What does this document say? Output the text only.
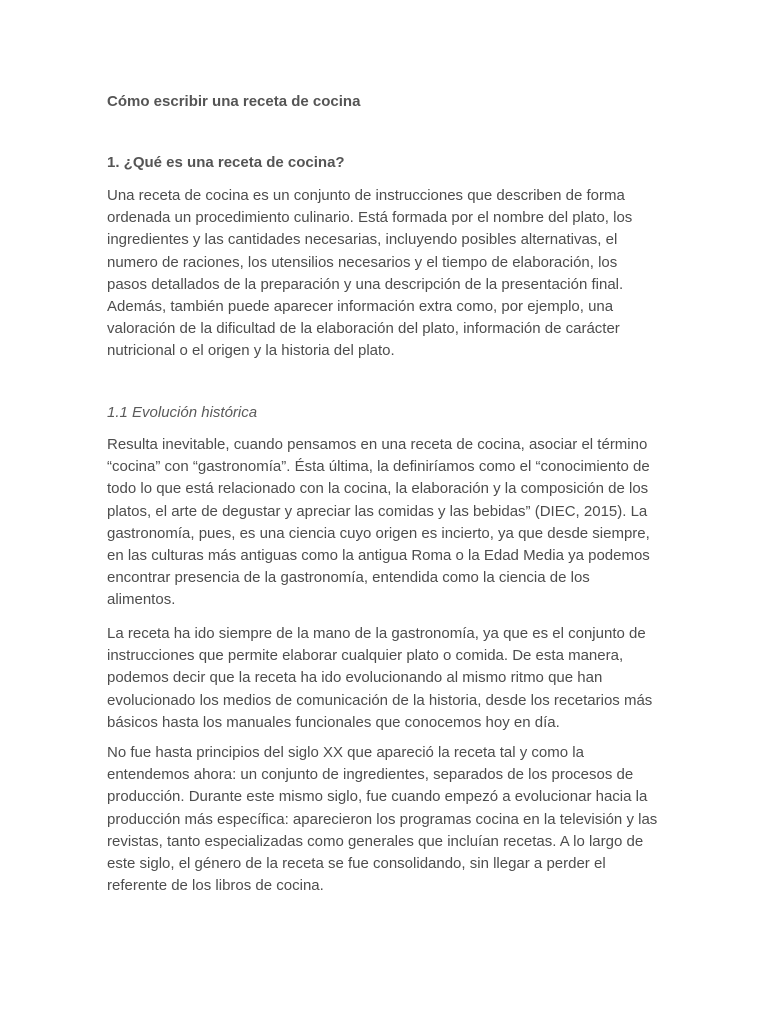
Cómo escribir una receta de cocina
1. ¿Qué es una receta de cocina?
Una receta de cocina es un conjunto de instrucciones que describen de forma
ordenada un procedimiento culinario. Está formada por el nombre del plato, los
ingredientes y las cantidades necesarias, incluyendo posibles alternativas, el
numero de raciones, los utensilios necesarios y el tiempo de elaboración, los
pasos detallados de la preparación y una descripción de la presentación final.
Además, también puede aparecer información extra como, por ejemplo, una
valoración de la dificultad de la elaboración del plato, información de carácter
nutricional o el origen y la historia del plato.
1.1 Evolución histórica
Resulta inevitable, cuando pensamos en una receta de cocina, asociar el término
“cocina” con “gastronomía”. Ésta última, la definiríamos como el “conocimiento de
todo lo que está relacionado con la cocina, la elaboración y la composición de los
platos, el arte de degustar y apreciar las comidas y las bebidas” (DIEC, 2015). La
gastronomía, pues, es una ciencia cuyo origen es incierto, ya que desde siempre,
en las culturas más antiguas como la antigua Roma o la Edad Media ya podemos
encontrar presencia de la gastronomía, entendida como la ciencia de los
alimentos.
La receta ha ido siempre de la mano de la gastronomía, ya que es el conjunto de
instrucciones que permite elaborar cualquier plato o comida. De esta manera,
podemos decir que la receta ha ido evolucionando al mismo ritmo que han
evolucionado los medios de comunicación de la historia, desde los recetarios más
básicos hasta los manuales funcionales que conocemos hoy en día.
No fue hasta principios del siglo XX que apareció la receta tal y como la
entendemos ahora: un conjunto de ingredientes, separados de los procesos de
producción. Durante este mismo siglo, fue cuando empezó a evolucionar hacia la
producción más específica: aparecieron los programas cocina en la televisión y las
revistas, tanto especializadas como generales que incluían recetas. A lo largo de
este siglo, el género de la receta se fue consolidando, sin llegar a perder el
referente de los libros de cocina.
